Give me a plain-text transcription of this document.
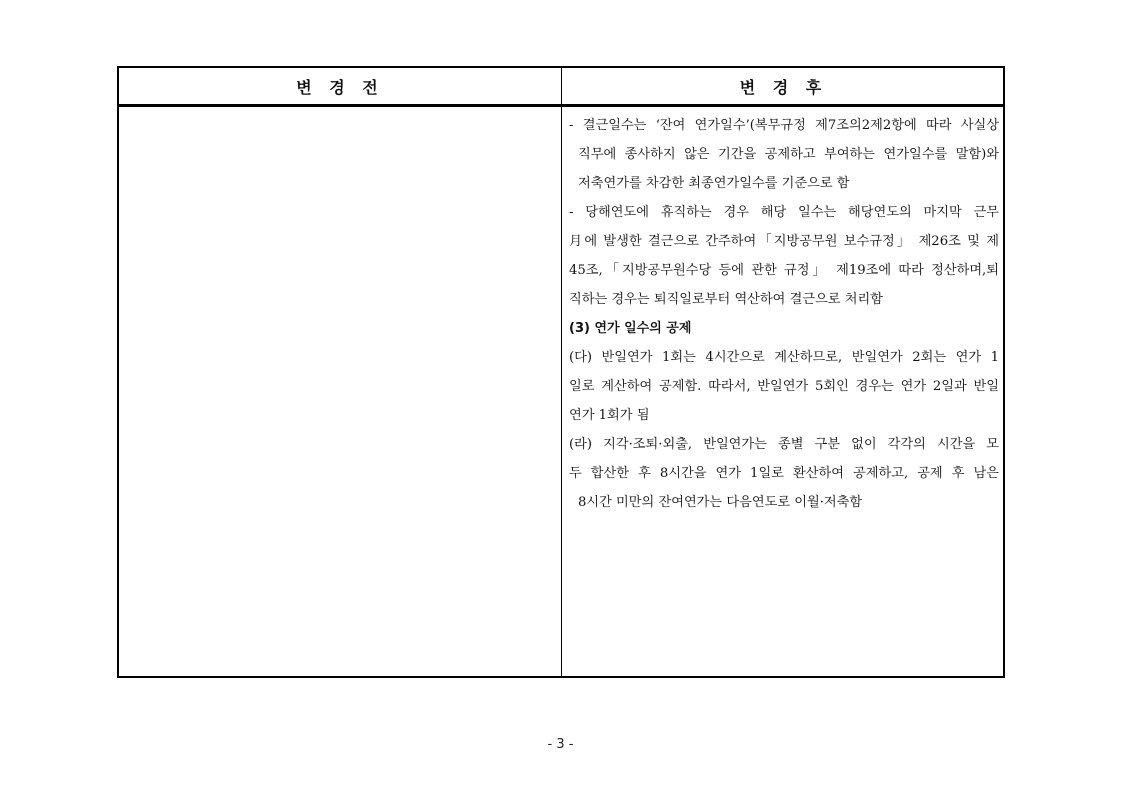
변 경 전	변 경 후
- 결근일수는 ‘잔여 연가일수’(복무규정 제7조의2제2항에 따라 사실상
직무에 종사하지 않은 기간을 공제하고 부여하는 연가일수를 말함)와
저축연가를 차감한 최종연가일수를 기준으로 함
- 당해연도에 휴직하는 경우 해당 일수는 해당연도의 마지막 근무
月에 발생한 결근으로 간주하여「지방공무원 보수규정」 제26조 및 제
45조,「지방공무원수당 등에 관한 규정」 제19조에 따라 정산하며,퇴
직하는 경우는 퇴직일로부터 역산하여 결근으로 처리함
(3) 연가 일수의 공제
(다) 반일연가 1회는 4시간으로 계산하므로, 반일연가 2회는 연가 1
일로 계산하여 공제함. 따라서, 반일연가 5회인 경우는 연가 2일과 반일
연가 1회가 됨
(라) 지각·조퇴·외출, 반일연가는 종별 구분 없이 각각의 시간을 모
두 합산한 후 8시간을 연가 1일로 환산하여 공제하고, 공제 후 남은
8시간 미만의 잔여연가는 다음연도로 이월·저축함
- 3 -
